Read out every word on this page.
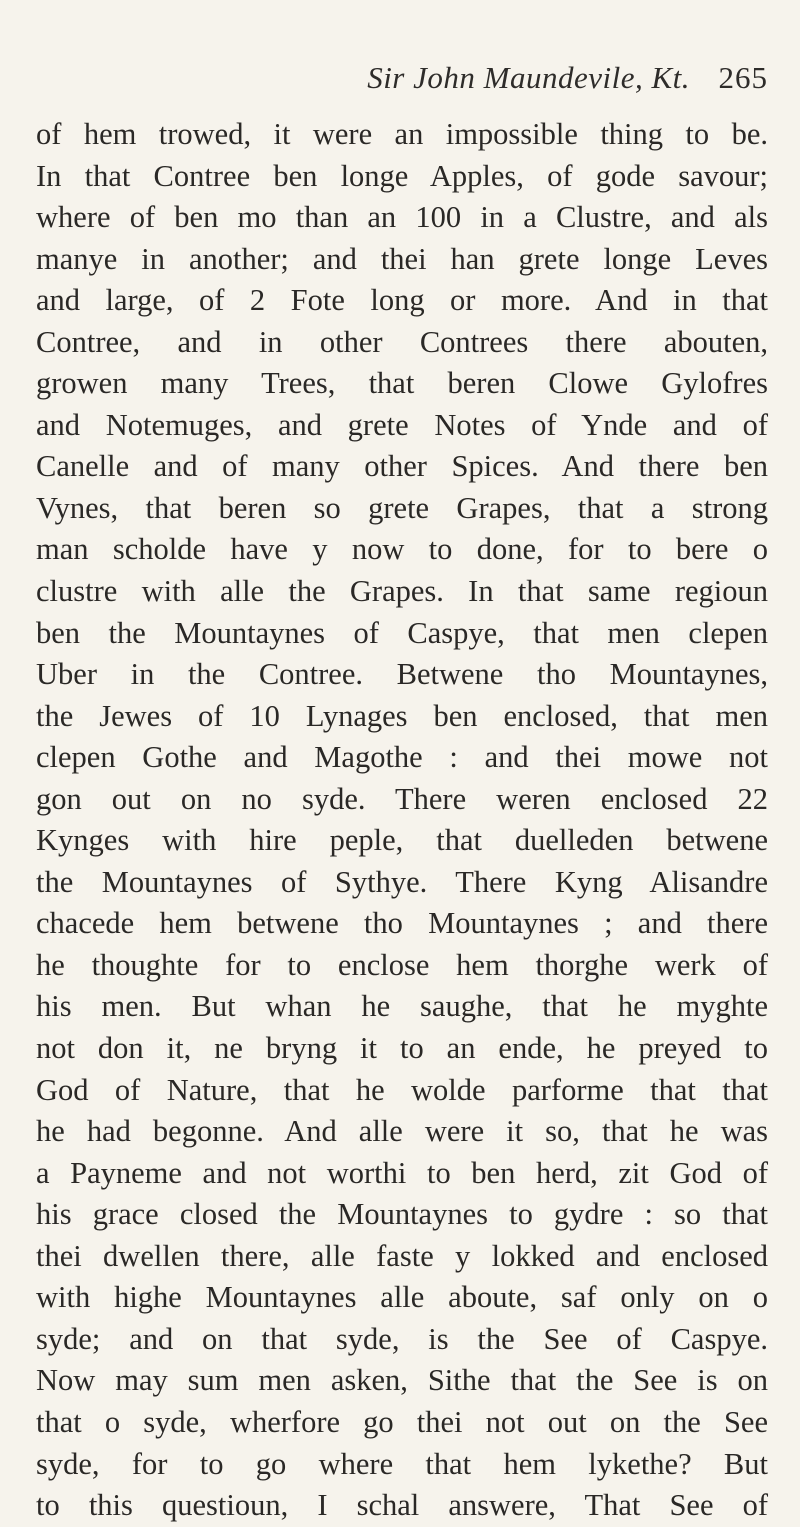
Sir John Maundevile, Kt. 265
of hem trowed, it were an impossible thing to be.
In that Contree ben longe Apples, of gode savour;
where of ben mo than an 100 in a Clustre, and als
manye in another; and thei han grete longe Leves
and large, of 2 Fote long or more. And in that
Contree, and in other Contrees there abouten,
growen many Trees, that beren Clowe Gylofres
and Notemuges, and grete Notes of Ynde and of
Canelle and of many other Spices. And there ben
Vynes, that beren so grete Grapes, that a strong
man scholde have y now to done, for to bere o
clustre with alle the Grapes. In that same regioun
ben the Mountaynes of Caspye, that men clepen
Uber in the Contree. Betwene tho Mountaynes,
the Jewes of 10 Lynages ben enclosed, that men
clepen Gothe and Magothe : and thei mowe not
gon out on no syde. There weren enclosed 22
Kynges with hire peple, that duelleden betwene
the Mountaynes of Sythye. There Kyng Alisandre
chacede hem betwene tho Mountaynes ; and there
he thoughte for to enclose hem thorghe werk of
his men. But whan he saughe, that he myghte
not don it, ne bryng it to an ende, he preyed to
God of Nature, that he wolde parforme that that
he had begonne. And alle were it so, that he was
a Payneme and not worthi to ben herd, zit God of
his grace closed the Mountaynes to gydre : so that
thei dwellen there, alle faste y lokked and enclosed
with highe Mountaynes alle aboute, saf only on o
syde; and on that syde, is the See of Caspye.
Now may sum men asken, Sithe that the See is on
that o syde, wherfore go thei not out on the See
syde, for to go where that hem lykethe? But
to this questioun, I schal answere, That See of
